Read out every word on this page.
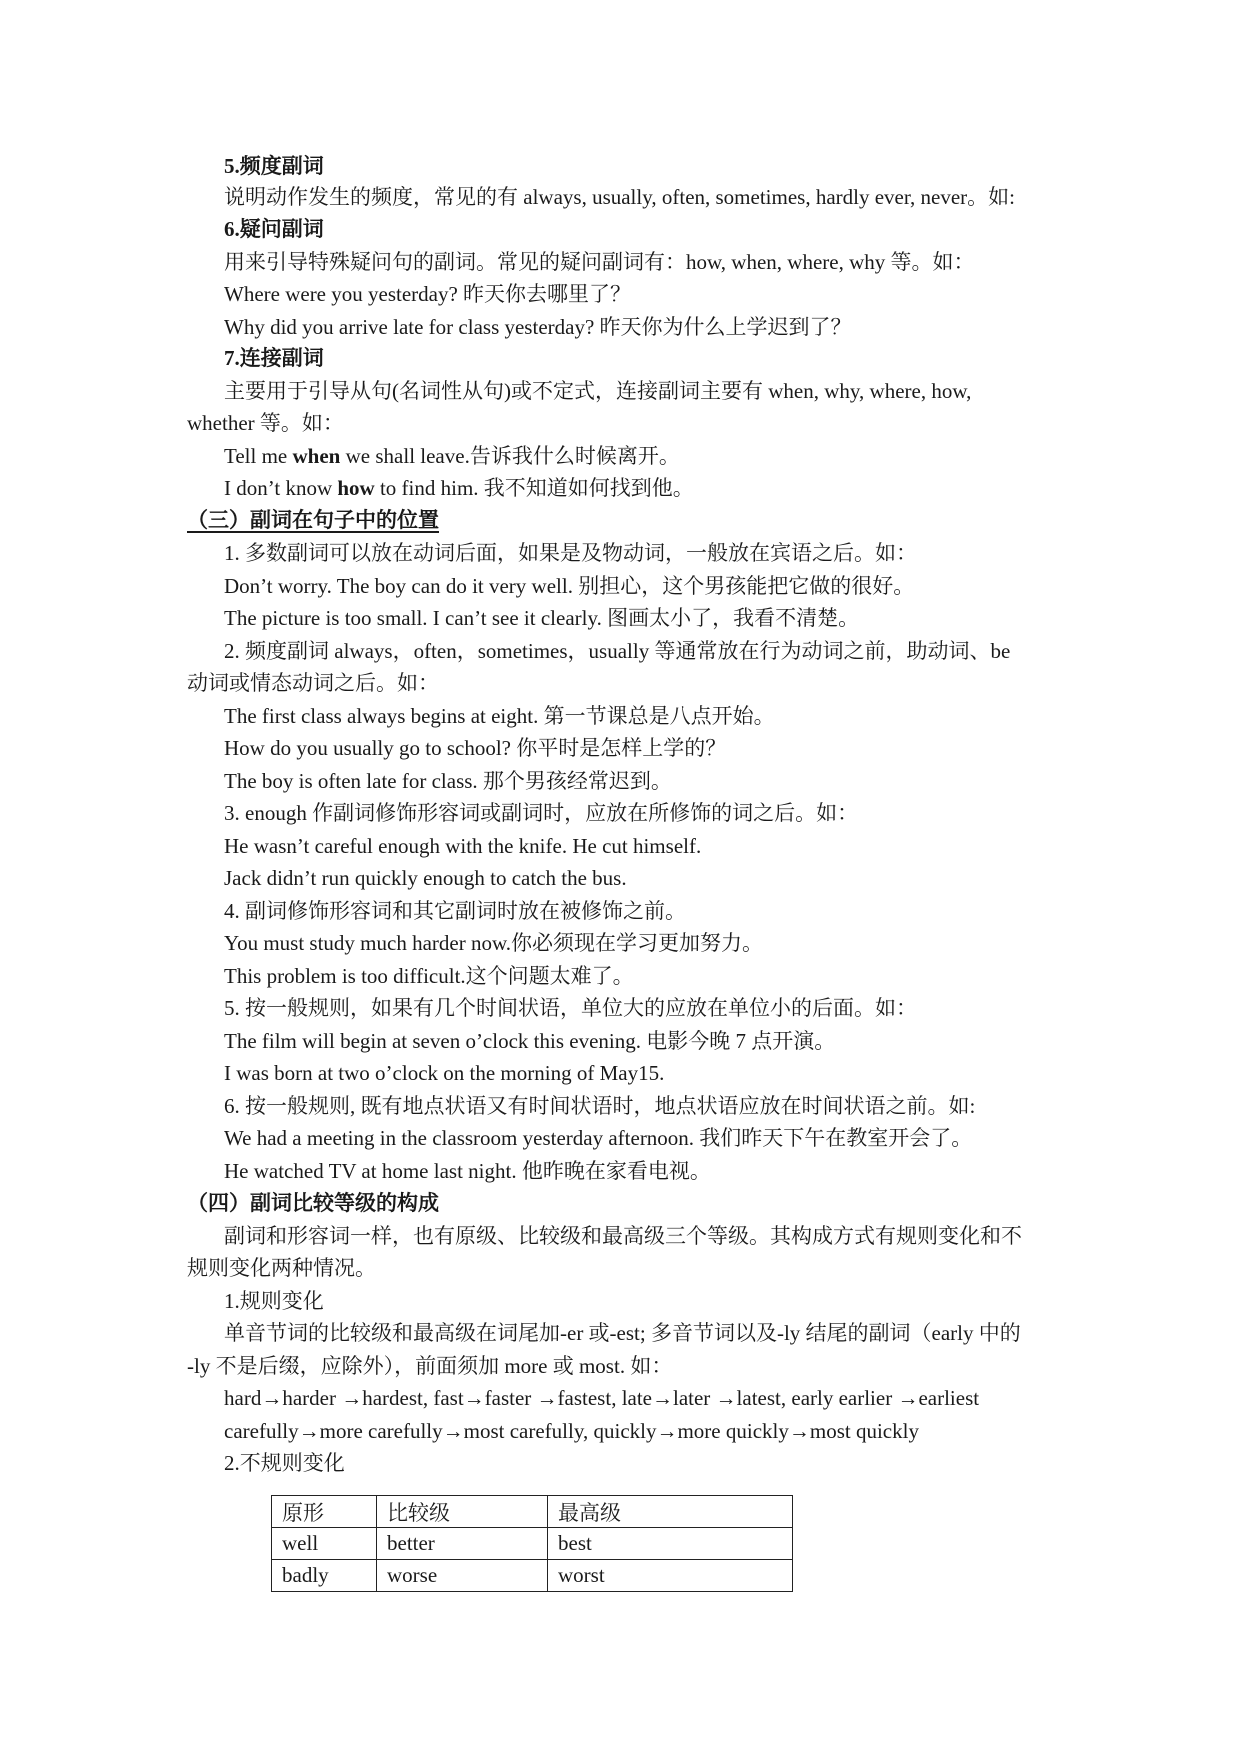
5.频度副词
说明动作发生的频度，常见的有 always, usually, often, sometimes, hardly ever, never。如:
6.疑问副词
用来引导特殊疑问句的副词。常见的疑问副词有：how, when, where, why 等。如：
Where were you yesterday? 昨天你去哪里了？
Why did you arrive late for class yesterday? 昨天你为什么上学迟到了？
7.连接副词
主要用于引导从句(名词性从句)或不定式，连接副词主要有 when, why, where, how,
whether 等。如：
Tell me when we shall leave.告诉我什么时候离开。
I don’t know how to find him. 我不知道如何找到他。
（三）副词在句子中的位置
1. 多数副词可以放在动词后面，如果是及物动词，一般放在宾语之后。如：
Don’t worry. The boy can do it very well. 别担心，这个男孩能把它做的很好。
The picture is too small. I can’t see it clearly. 图画太小了，我看不清楚。
2. 频度副词 always，often，sometimes，usually 等通常放在行为动词之前，助动词、be
动词或情态动词之后。如：
The first class always begins at eight. 第一节课总是八点开始。
How do you usually go to school? 你平时是怎样上学的？
The boy is often late for class. 那个男孩经常迟到。
3. enough 作副词修饰形容词或副词时，应放在所修饰的词之后。如：
He wasn’t careful enough with the knife. He cut himself.
Jack didn’t run quickly enough to catch the bus.
4. 副词修饰形容词和其它副词时放在被修饰之前。
You must study much harder now.你必须现在学习更加努力。
This problem is too difficult.这个问题太难了。
5. 按一般规则，如果有几个时间状语，单位大的应放在单位小的后面。如：
The film will begin at seven o’clock this evening. 电影今晚 7 点开演。
I was born at two o’clock on the morning of May15.
6. 按一般规则, 既有地点状语又有时间状语时，地点状语应放在时间状语之前。如:
We had a meeting in the classroom yesterday afternoon. 我们昨天下午在教室开会了。
He watched TV at home last night. 他昨晚在家看电视。
（四）副词比较等级的构成
副词和形容词一样，也有原级、比较级和最高级三个等级。其构成方式有规则变化和不
规则变化两种情况。
1.规则变化
单音节词的比较级和最高级在词尾加-er 或-est; 多音节词以及-ly 结尾的副词（early 中的
-ly 不是后缀，应除外），前面须加 more 或 most. 如：
hard→harder →hardest, fast→faster →fastest, late→later →latest, early earlier →earliest
carefully→more carefully→most carefully, quickly→more quickly→most quickly
2.不规则变化
原形	比较级	最高级
well	better	best
badly	worse	worst
